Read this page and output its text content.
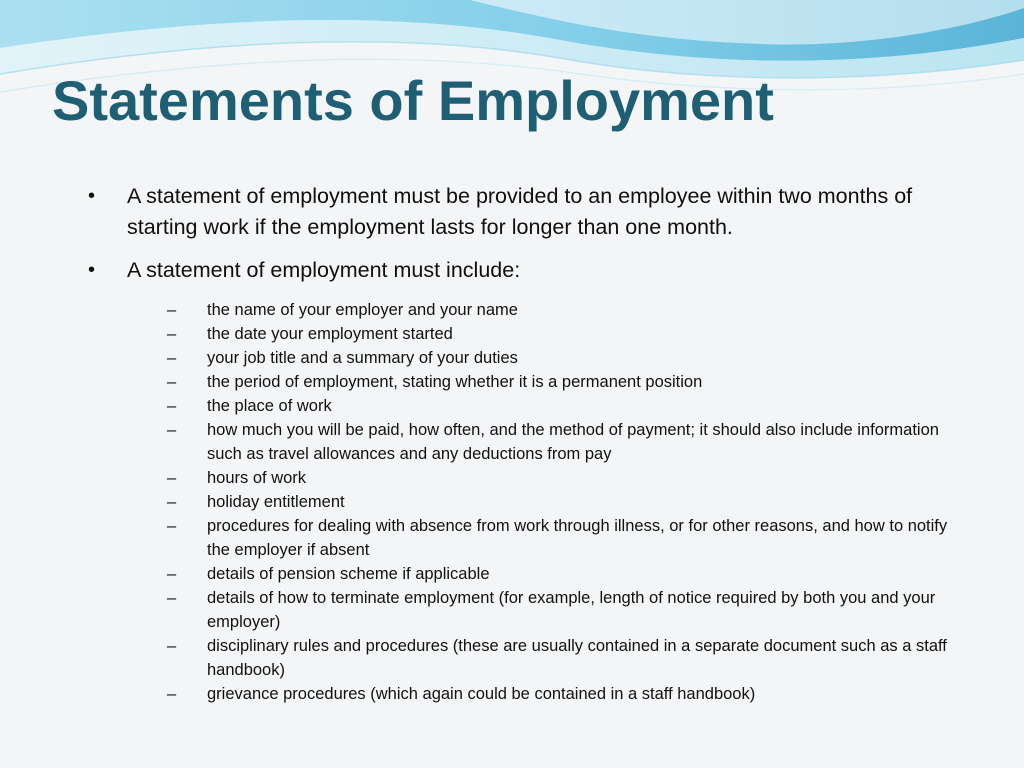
Statements of Employment

• A statement of employment must be provided to an employee within two months of starting work if the employment lasts for longer than one month.

• A statement of employment must include:

– the name of your employer and your name
– the date your employment started
– your job title and a summary of your duties
– the period of employment, stating whether it is a permanent position
– the place of work
– how much you will be paid, how often, and the method of payment; it should also include information such as travel allowances and any deductions from pay
– hours of work
– holiday entitlement
– procedures for dealing with absence from work through illness, or for other reasons, and how to notify the employer if absent
– details of pension scheme if applicable
– details of how to terminate employment (for example, length of notice required by both you and your employer)
– disciplinary rules and procedures (these are usually contained in a separate document such as a staff handbook)
– grievance procedures (which again could be contained in a staff handbook)
